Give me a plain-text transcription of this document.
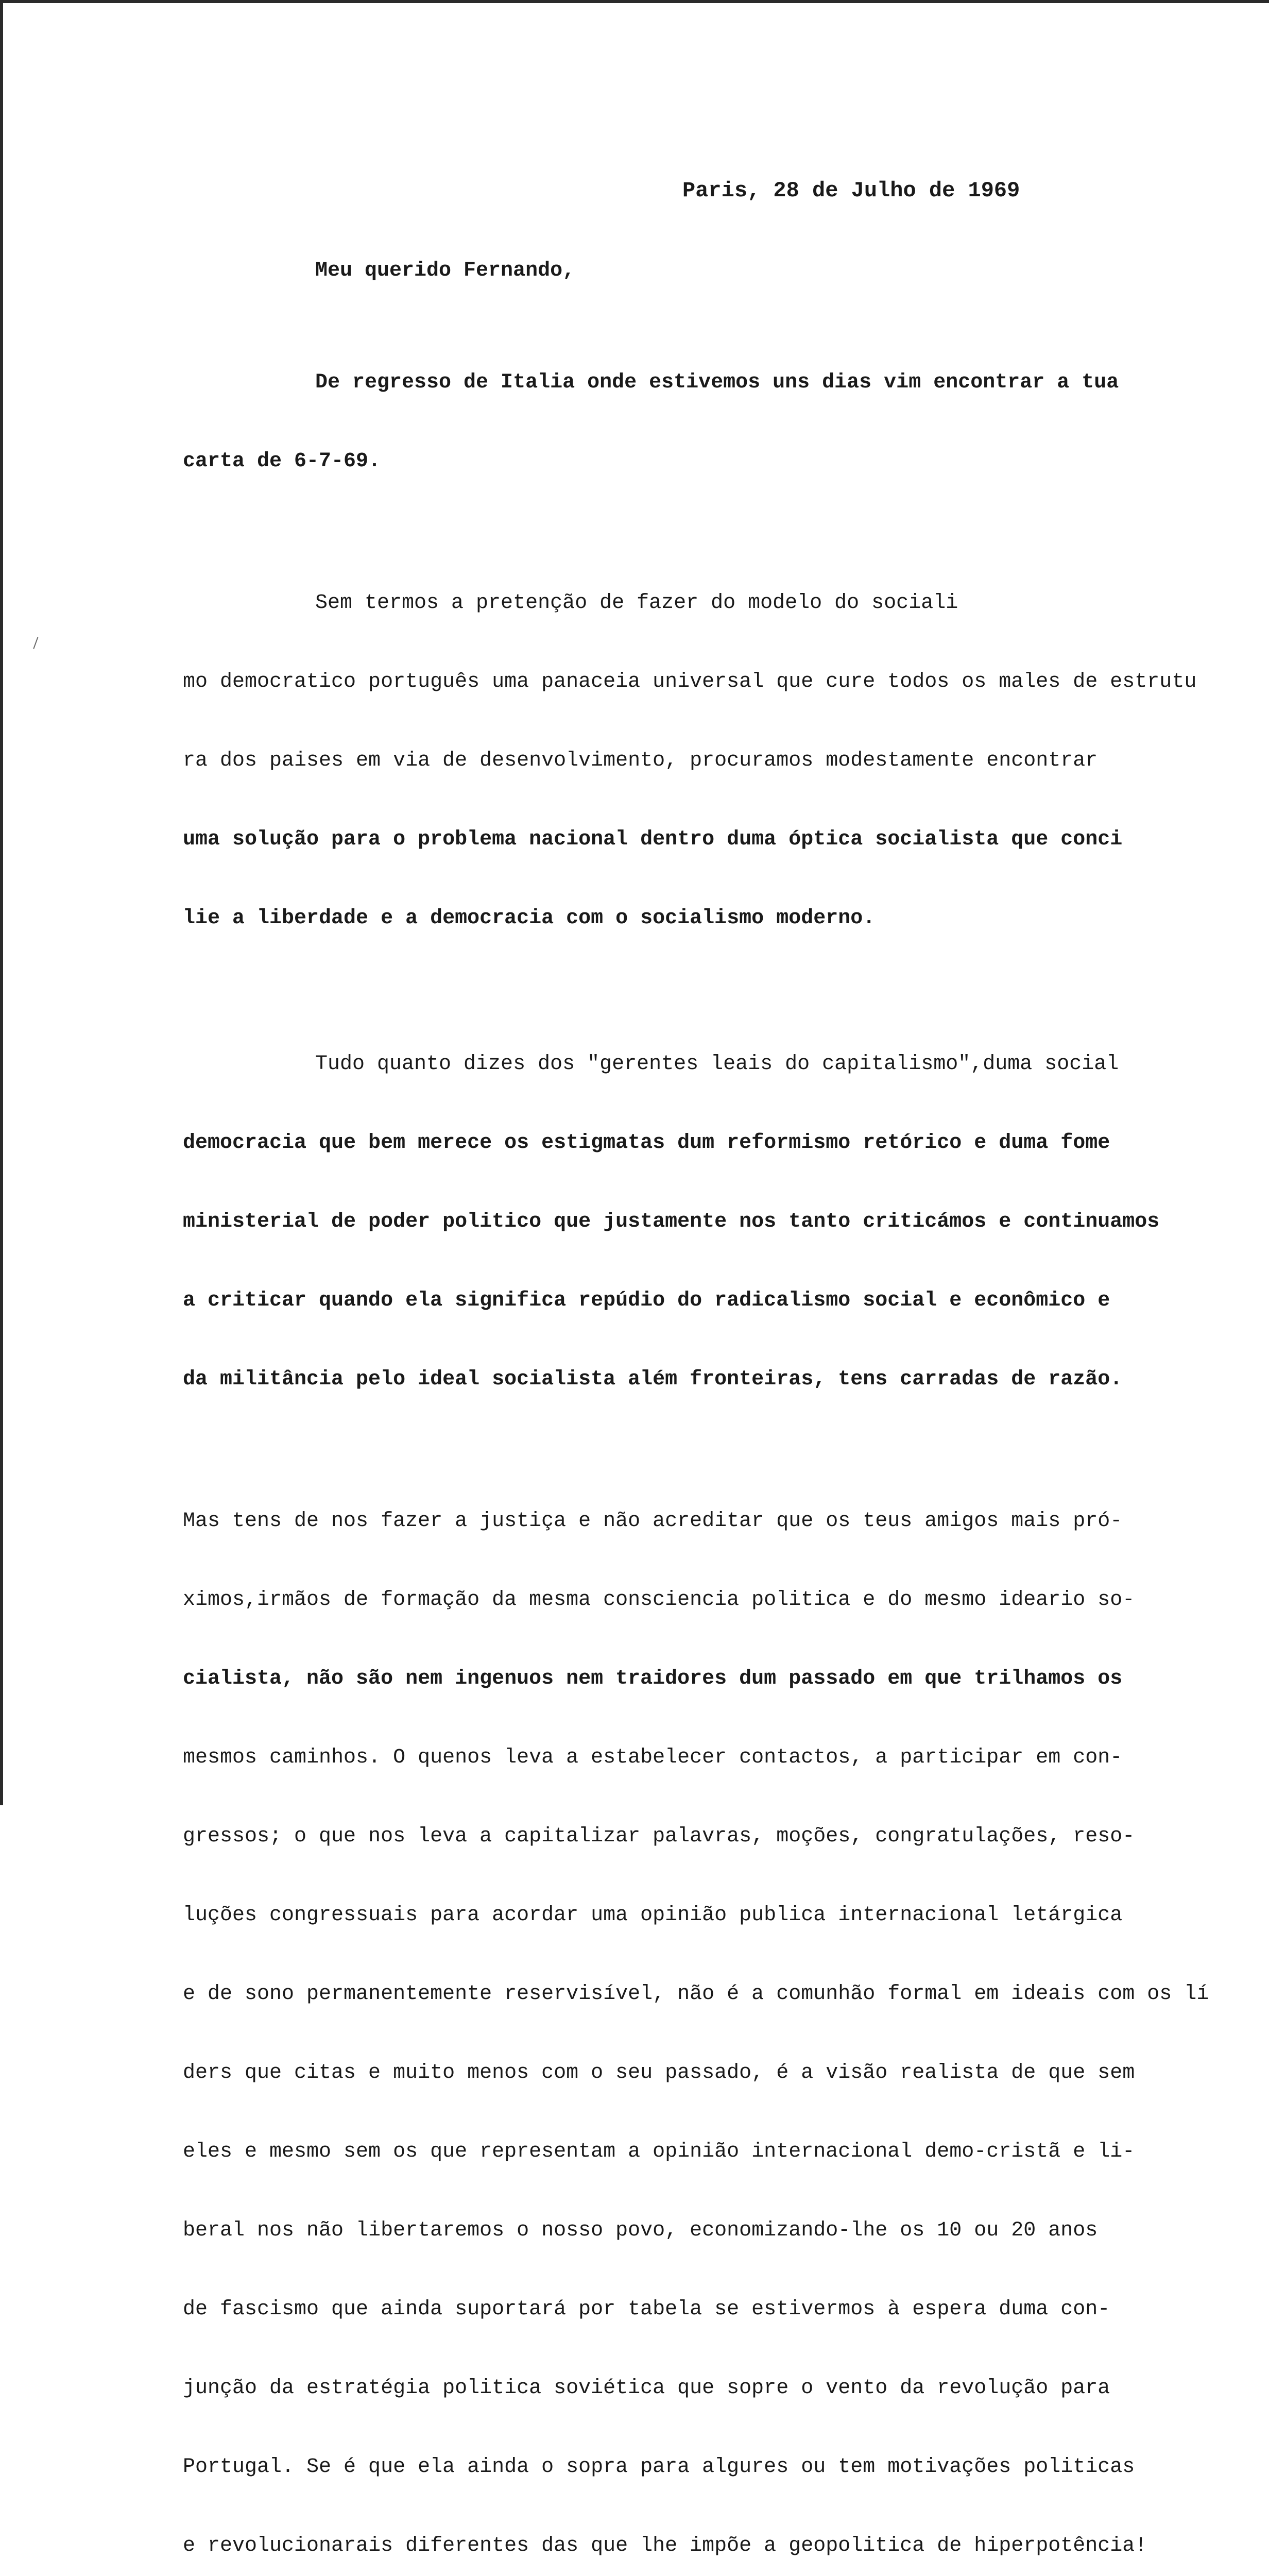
Paris, 28 de Julho de 1969
Meu querido Fernando,

De regresso de Italia onde estivemos uns dias vim encontrar a tua

carta de 6-7-69.

Sem termos a pretenção de fazer do modelo do sociali

mo democratico português uma panaceia universal que cure todos os males de estrutu

ra dos paises em via de desenvolvimento, procuramos modestamente encontrar

uma solução para o problema nacional dentro duma óptica socialista que conci

lie a liberdade e a democracia com o socialismo moderno.

Tudo quanto dizes dos "gerentes leais do capitalismo",duma social

democracia que bem merece os estigmatas dum reformismo retórico e duma fome

ministerial de poder politico que justamente nos tanto criticámos e continuamos

a criticar quando ela significa repúdio do radicalismo social e econômico e

da militância pelo ideal socialista além fronteiras, tens carradas de razão.

Mas tens de nos fazer a justiça e não acreditar que os teus amigos mais pró-

ximos,irmãos de formação da mesma consciencia politica e do mesmo ideario so-

cialista, não são nem ingenuos nem traidores dum passado em que trilhamos os

mesmos caminhos. O quenos leva a estabelecer contactos, a participar em con-

gressos; o que nos leva a capitalizar palavras, moções, congratulações, reso-

luções congressuais para acordar uma opinião publica internacional letárgica

e de sono permanentemente reservisível, não é a comunhão formal em ideais com os lí

ders que citas e muito menos com o seu passado, é a visão realista de que sem

eles e mesmo sem os que representam a opinião internacional demo-cristã e li-

beral nos não libertaremos o nosso povo, economizando-lhe os 10 ou 20 anos

de fascismo que ainda suportará por tabela se estivermos à espera duma con-

junção da estratégia politica soviética que sopre o vento da revolução para

Portugal. Se é que ela ainda o sopra para algures ou tem motivações politicas

e revolucionarais diferentes das que lhe impõe a geopolitica de hiperpotência!
